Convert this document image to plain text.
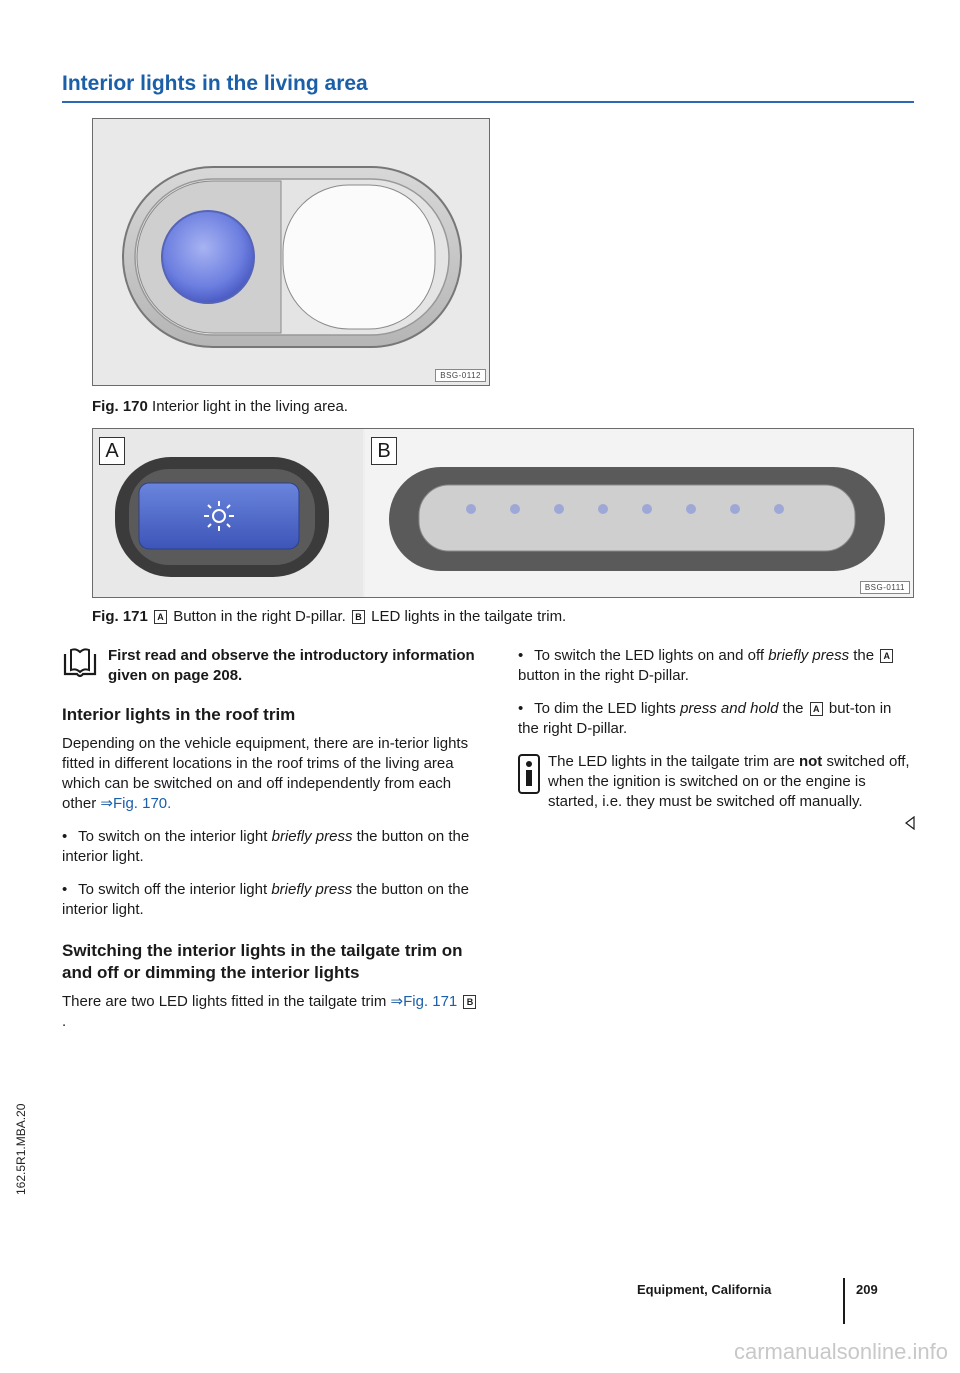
Interior lights in the living area
BSG-0112
Fig. 170 Interior light in the living area.
A	B
BSG-0111
Fig. 171 A Button in the right D-pillar. B LED lights in the tailgate trim.
First read and observe the introductory information given on page 208.
Interior lights in the roof trim

Depending on the vehicle equipment, there are in-terior lights fitted in different locations in the roof trims of the living area which can be switched on and off independently from each other ⇒Fig. 170.

• To switch on the interior light briefly press the button on the interior light.

• To switch off the interior light briefly press the button on the interior light.

Switching the interior lights in the tailgate trim on and off or dimming the interior lights

There are two LED lights fitted in the tailgate trim ⇒Fig. 171 B.

• To switch the LED lights on and off briefly press the A button in the right D-pillar.

• To dim the LED lights press and hold the A but-ton in the right D-pillar.

The LED lights in the tailgate trim are not switched off, when the ignition is switched on or the engine is started, i.e. they must be switched off manually.
Equipment, California	209
162.5R1.MBA.20
carmanualsonline.info
